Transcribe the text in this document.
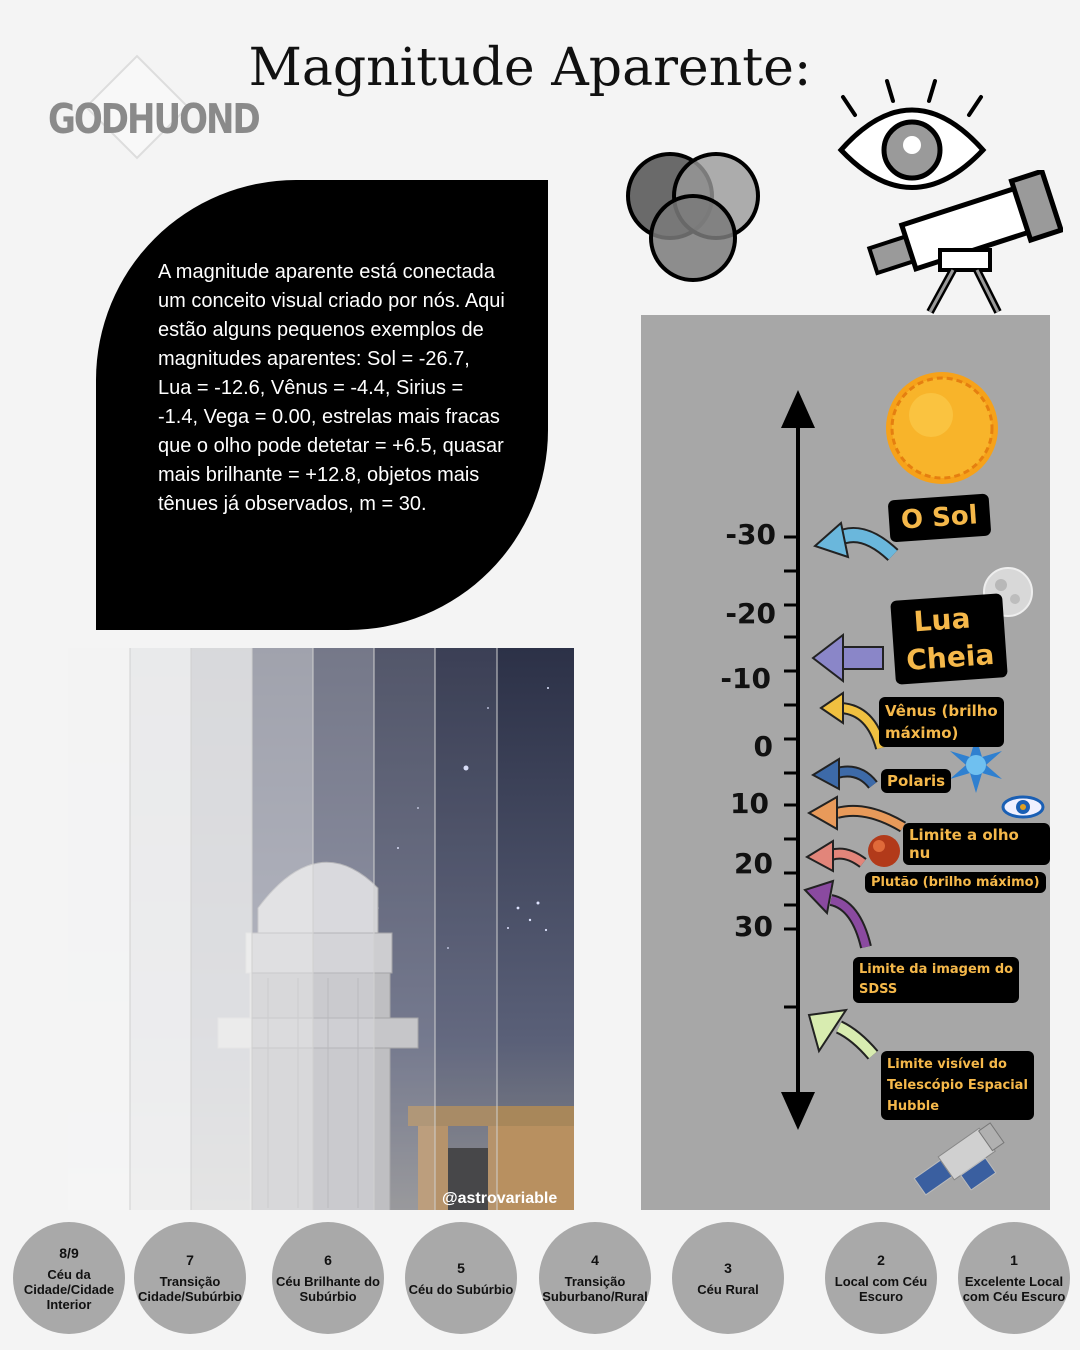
Magnitude Aparente:
GODHUOND
A magnitude aparente está conectada um conceito visual criado por nós. Aqui estão alguns pequenos exemplos de magnitudes aparentes: Sol = -26.7, Lua = -12.6, Vênus = -4.4, Sirius = -1.4, Vega = 0.00, estrelas mais fracas que o olho pode detetar = +6.5, quasar mais brilhante = +12.8, objetos mais tênues já observados, m = 30.
@astrovariable
-30
-20
-10
0
10
20
30
O Sol
Lua
Cheia
Vênus (brilho
máximo)
Polaris
Limite a olho nu
Plutão (brilho máximo)
Limite da imagem do
SDSS
Limite visível do
Telescópio Espacial
Hubble
8/9
Céu da
Cidade/Cidade
Interior
7
Transição
Cidade/Subúrbio
6
Céu Brilhante do
Subúrbio
5
Céu do Subúrbio
4
Transição
Suburbano/Rural
3
Céu Rural
2
Local com Céu
Escuro
1
Excelente Local
com Céu Escuro
